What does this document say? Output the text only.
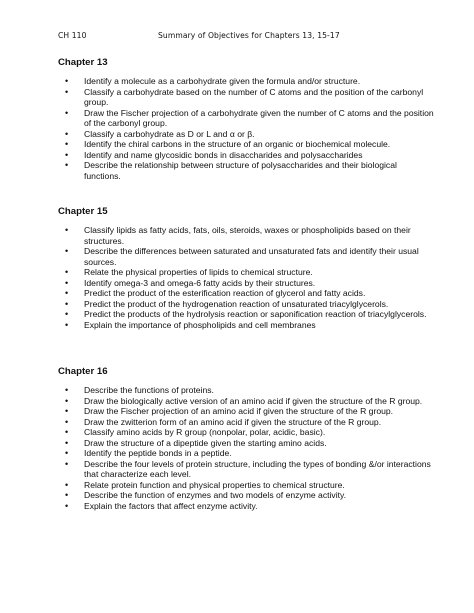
CH 110	Summary of Objectives for Chapters 13, 15-17
Chapter 13
• Identify a molecule as a carbohydrate given the formula and/or structure.
• Classify a carbohydrate based on the number of C atoms and the position of the carbonyl group.
• Draw the Fischer projection of a carbohydrate given the number of C atoms and the position of the carbonyl group.
• Classify a carbohydrate as D or L and α or β.
• Identify the chiral carbons in the structure of an organic or biochemical molecule.
• Identify and name glycosidic bonds in disaccharides and polysaccharides
• Describe the relationship between structure of polysaccharides and their biological functions.
Chapter 15
• Classify lipids as fatty acids, fats, oils, steroids, waxes or phospholipids based on their structures.
• Describe the differences between saturated and unsaturated fats and identify their usual sources.
• Relate the physical properties of lipids to chemical structure.
• Identify omega-3 and omega-6 fatty acids by their structures.
• Predict the product of the esterification reaction of glycerol and fatty acids.
• Predict the product of the hydrogenation reaction of unsaturated triacylglycerols.
• Predict the products of the hydrolysis reaction or saponification reaction of triacylglycerols.
• Explain the importance of phospholipids and cell membranes
Chapter 16
• Describe the functions of proteins.
• Draw the biologically active version of an amino acid if given the structure of the R group.
• Draw the Fischer projection of an amino acid if given the structure of the R group.
• Draw the zwitterion form of an amino acid if given the structure of the R group.
• Classify amino acids by R group (nonpolar, polar, acidic, basic).
• Draw the structure of a dipeptide given the starting amino acids.
• Identify the peptide bonds in a peptide.
• Describe the four levels of protein structure, including the types of bonding &/or interactions that characterize each level.
• Relate protein function and physical properties to chemical structure.
• Describe the function of enzymes and two models of enzyme activity.
• Explain the factors that affect enzyme activity.
